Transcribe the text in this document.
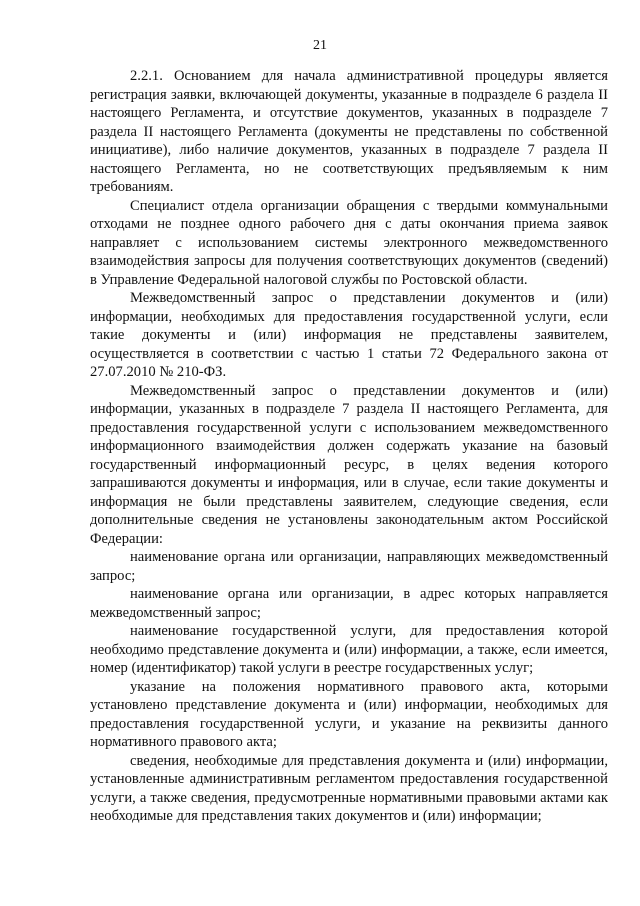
21

2.2.1. Основанием для начала административной процедуры является регистрация заявки, включающей документы, указанные в подразделе 6 раздела II настоящего Регламента, и отсутствие документов, указанных в подразделе 7 раздела II настоящего Регламента (документы не представлены по собственной инициативе), либо наличие документов, указанных в подразделе 7 раздела II настоящего Регламента, но не соответствующих предъявляемым к ним требованиям.

Специалист отдела организации обращения с твердыми коммунальными отходами не позднее одного рабочего дня с даты окончания приема заявок направляет с использованием системы электронного межведомственного взаимодействия запросы для получения соответствующих документов (сведений) в Управление Федеральной налоговой службы по Ростовской области.

Межведомственный запрос о представлении документов и (или) информации, необходимых для предоставления государственной услуги, если такие документы и (или) информация не представлены заявителем, осуществляется в соответствии с частью 1 статьи 72 Федерального закона от 27.07.2010 № 210-ФЗ.

Межведомственный запрос о представлении документов и (или) информации, указанных в подразделе 7 раздела II настоящего Регламента, для предоставления государственной услуги с использованием межведомственного информационного взаимодействия должен содержать указание на базовый государственный информационный ресурс, в целях ведения которого запрашиваются документы и информация, или в случае, если такие документы и информация не были представлены заявителем, следующие сведения, если дополнительные сведения не установлены законодательным актом Российской Федерации:

наименование органа или организации, направляющих межведомственный запрос;

наименование органа или организации, в адрес которых направляется межведомственный запрос;

наименование государственной услуги, для предоставления которой необходимо представление документа и (или) информации, а также, если имеется, номер (идентификатор) такой услуги в реестре государственных услуг;

указание на положения нормативного правового акта, которыми установлено представление документа и (или) информации, необходимых для предоставления государственной услуги, и указание на реквизиты данного нормативного правового акта;

сведения, необходимые для представления документа и (или) информации, установленные административным регламентом предоставления государственной услуги, а также сведения, предусмотренные нормативными правовыми актами как необходимые для представления таких документов и (или) информации;
